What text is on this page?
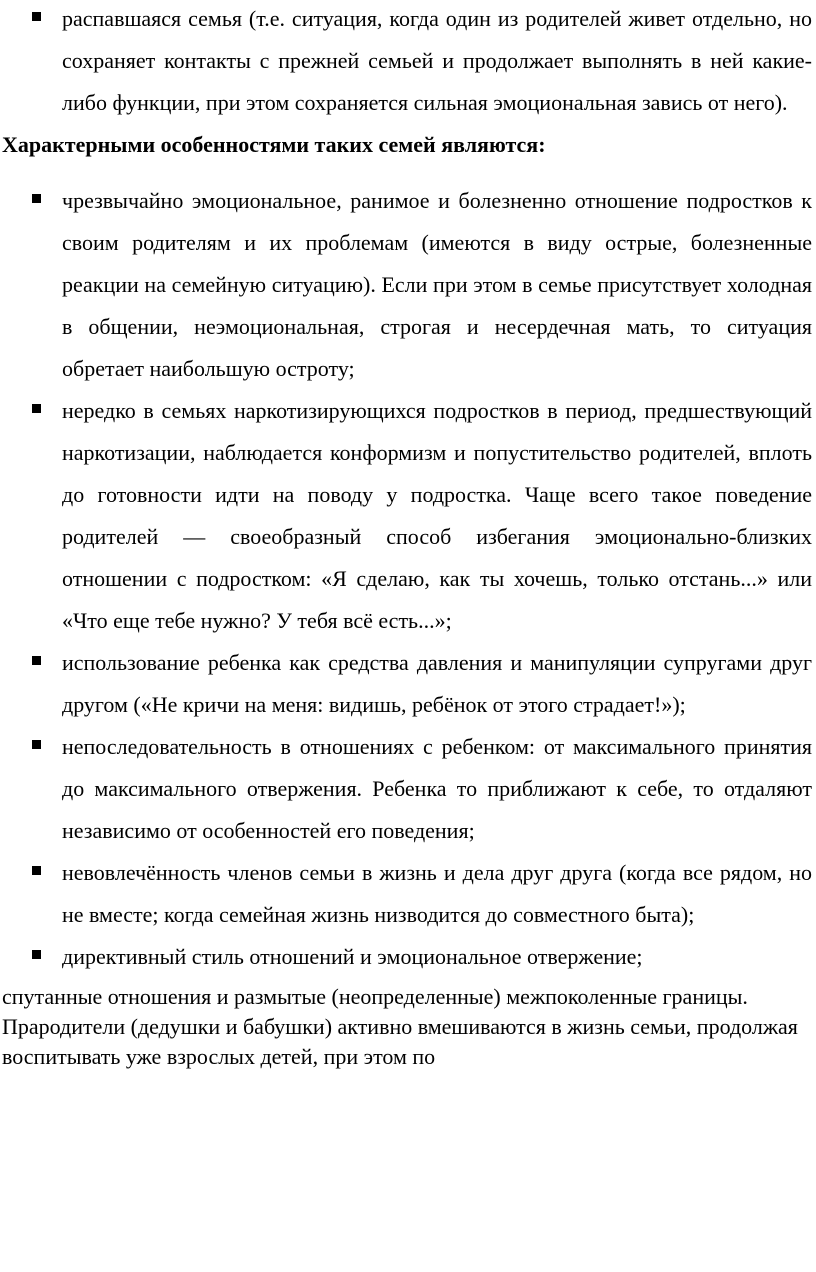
распавшаяся семья (т.е. ситуация, когда один из родителей живет отдельно, но сохраняет контакты с прежней семьей и продолжает выполнять в ней какие-либо функции, при этом сохраняется сильная эмоциональная завись от него).
Характерными особенностями таких семей являются:
чрезвычайно эмоциональное, ранимое и болезненно отношение подростков к своим родителям и их проблемам (имеются в виду острые, болезненные реакции на семейную ситуацию). Если при этом в семье присутствует холодная в общении, неэмоциональная, строгая и несердечная мать, то ситуация обретает наибольшую остроту;
нередко в семьях наркотизирующихся подростков в период, предшествующий наркотизации, наблюдается конформизм и попустительство родителей, вплоть до готовности идти на поводу у подростка. Чаще всего такое поведение родителей — своеобразный способ избегания эмоционально-близких отношении с подростком: «Я сделаю, как ты хочешь, только отстань...» или «Что еще тебе нужно? У тебя всё есть...»;
использование ребенка как средства давления и манипуляции супругами друг другом («Не кричи на меня: видишь, ребёнок от этого страдает!»);
непоследовательность в отношениях с ребенком: от максимального принятия до максимального отвержения. Ребенка то приближают к себе, то отдаляют независимо от особенностей его поведения;
невовлечённость членов семьи в жизнь и дела друг друга (когда все рядом, но не вместе; когда семейная жизнь низводится до совместного быта);
директивный стиль отношений и эмоциональное отвержение;
спутанные отношения и размытые (неопределенные) межпоколенные границы. Прародители (дедушки и бабушки) активно вмешиваются в жизнь семьи, продолжая воспитывать уже взрослых детей, при этом по
